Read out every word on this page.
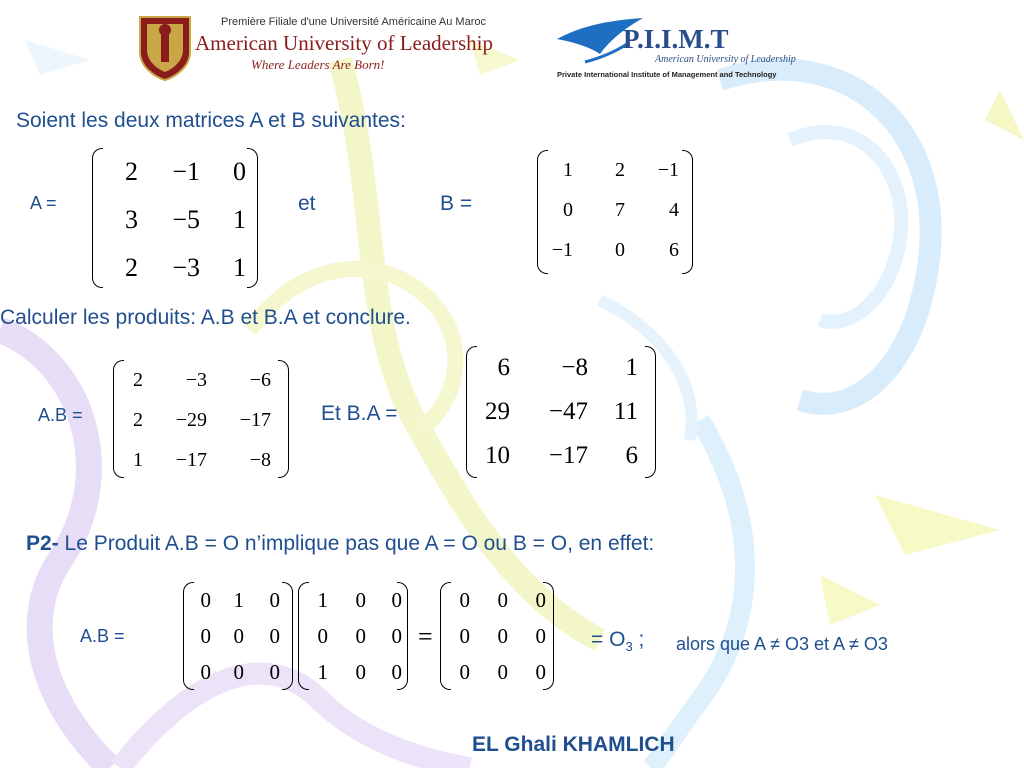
Première Filiale d'une Université Américaine Au Maroc
American University of Leadership
Where Leaders Are Born!
P.I.I.M.T
American University of Leadership
Private International Institute of Management and Technology
Soient les deux matrices A et B suivantes:
A =
2	−1	0
3	−5	1
2	−3	1
et	B =
1	2	−1
0	7	4
−1	0	6
Calculer les produits: A.B et B.A et conclure.
A.B =
2	−3	−6
2	−29	−17
1	−17	−8
Et B.A =
6	−8	1
29	−47	11
10	−17	6
P2- Le Produit A.B = O n’implique pas que A = O ou B = O, en effet:
A.B =
0	1	0
0	0	0
0	0	0
1	0	0
0	0	0
1	0	0
=
0	0	0
0	0	0
0	0	0
= $O_3$ ; alors que A ≠ O3 et A ≠ O3
EL Ghali KHAMLICH
